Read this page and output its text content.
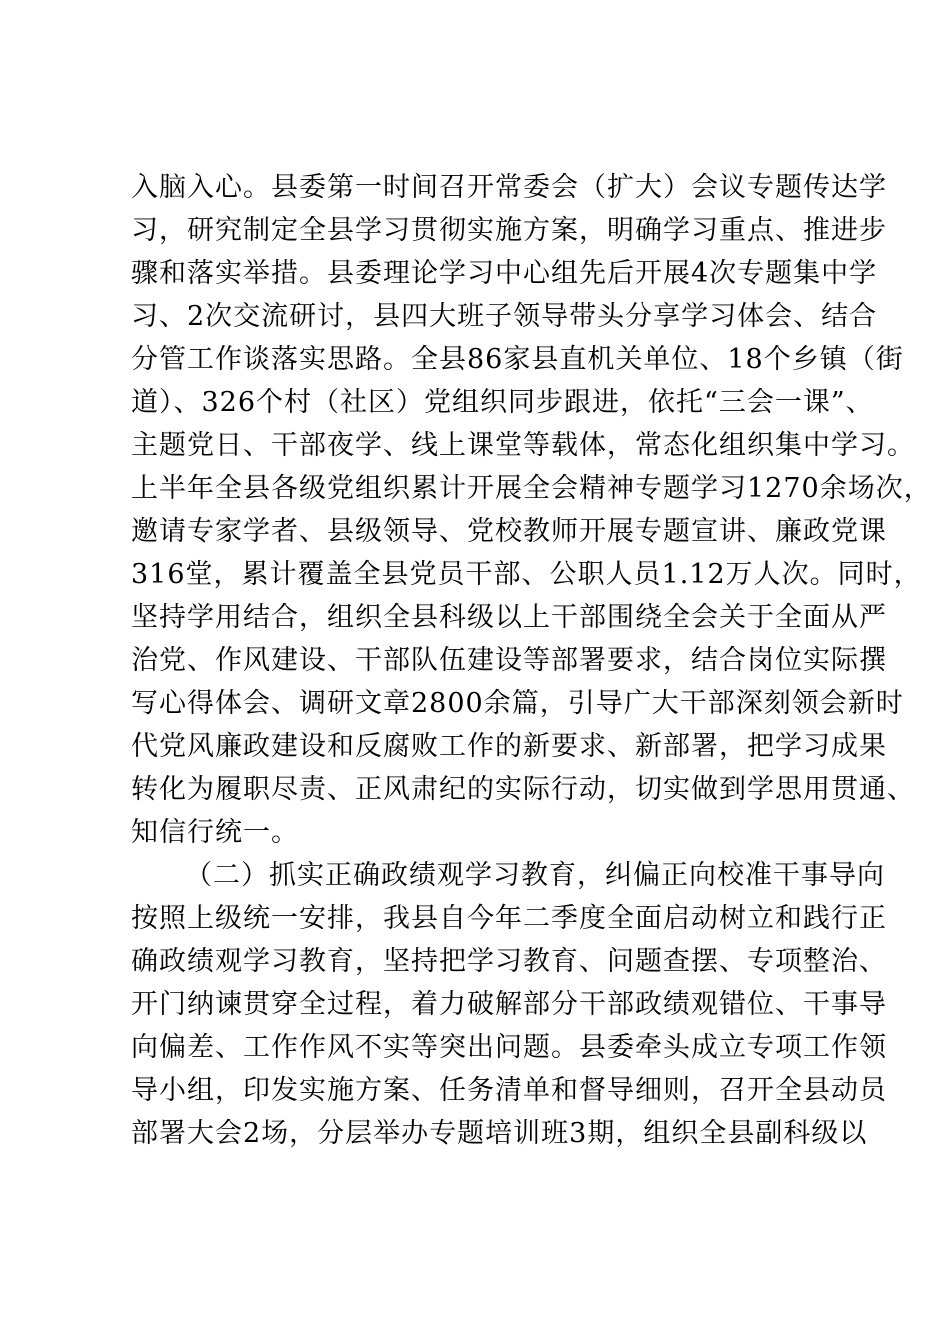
入脑入心。县委第一时间召开常委会（扩大）会议专题传达学
习，研究制定全县学习贯彻实施方案，明确学习重点、推进步
骤和落实举措。县委理论学习中心组先后开展4次专题集中学
习、2次交流研讨，县四大班子领导带头分享学习体会、结合
分管工作谈落实思路。全县86家县直机关单位、18个乡镇（街
道）、326个村（社区）党组织同步跟进，依托“三会一课”、
主题党日、干部夜学、线上课堂等载体，常态化组织集中学习。
上半年全县各级党组织累计开展全会精神专题学习1270余场次，
邀请专家学者、县级领导、党校教师开展专题宣讲、廉政党课
316堂，累计覆盖全县党员干部、公职人员1.12万人次。同时，
坚持学用结合，组织全县科级以上干部围绕全会关于全面从严
治党、作风建设、干部队伍建设等部署要求，结合岗位实际撰
写心得体会、调研文章2800余篇，引导广大干部深刻领会新时
代党风廉政建设和反腐败工作的新要求、新部署，把学习成果
转化为履职尽责、正风肃纪的实际行动，切实做到学思用贯通、
知信行统一。
（二）抓实正确政绩观学习教育，纠偏正向校准干事导向
按照上级统一安排，我县自今年二季度全面启动树立和践行正
确政绩观学习教育，坚持把学习教育、问题查摆、专项整治、
开门纳谏贯穿全过程，着力破解部分干部政绩观错位、干事导
向偏差、工作作风不实等突出问题。县委牵头成立专项工作领
导小组，印发实施方案、任务清单和督导细则，召开全县动员
部署大会2场，分层举办专题培训班3期，组织全县副科级以
